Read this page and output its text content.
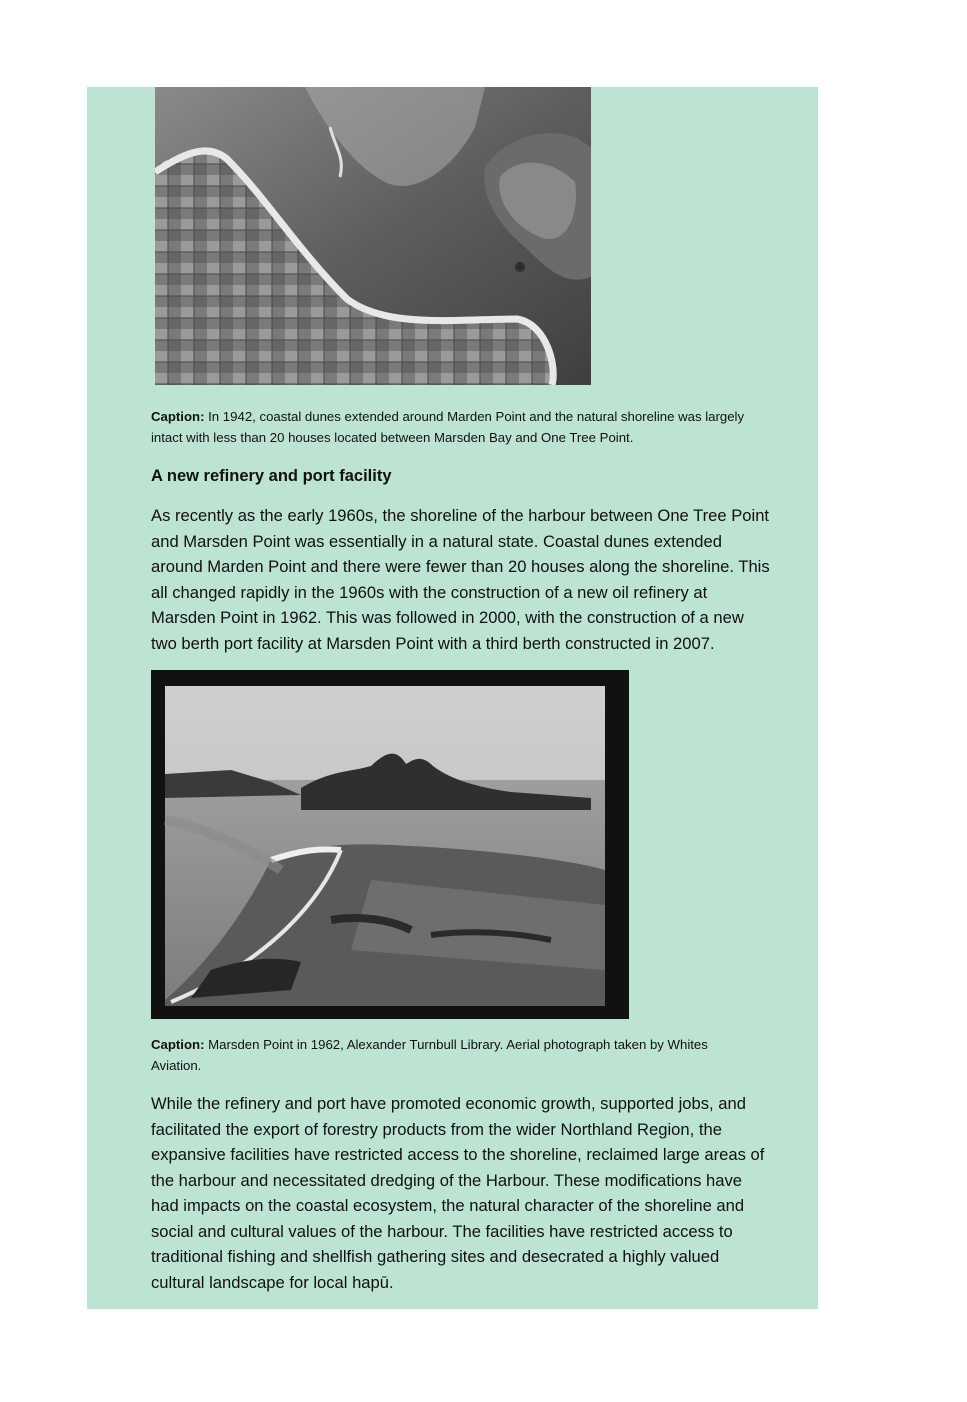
Caption: In 1942, coastal dunes extended around Marden Point and the natural shoreline was largely
intact with less than 20 houses located between Marsden Bay and One Tree Point.
A new refinery and port facility
As recently as the early 1960s, the shoreline of the harbour between One Tree Point
and Marsden Point was essentially in a natural state. Coastal dunes extended
around Marden Point and there were fewer than 20 houses along the shoreline. This
all changed rapidly in the 1960s with the construction of a new oil refinery at
Marsden Point in 1962. This was followed in 2000, with the construction of a new
two berth port facility at Marsden Point with a third berth constructed in 2007.
Caption: Marsden Point in 1962, Alexander Turnbull Library. Aerial photograph taken by Whites
Aviation.
While the refinery and port have promoted economic growth, supported jobs, and
facilitated the export of forestry products from the wider Northland Region, the
expansive facilities have restricted access to the shoreline, reclaimed large areas of
the harbour and necessitated dredging of the Harbour. These modifications have
had impacts on the coastal ecosystem, the natural character of the shoreline and
social and cultural values of the harbour. The facilities have restricted access to
traditional fishing and shellfish gathering sites and desecrated a highly valued
cultural landscape for local hapū.
